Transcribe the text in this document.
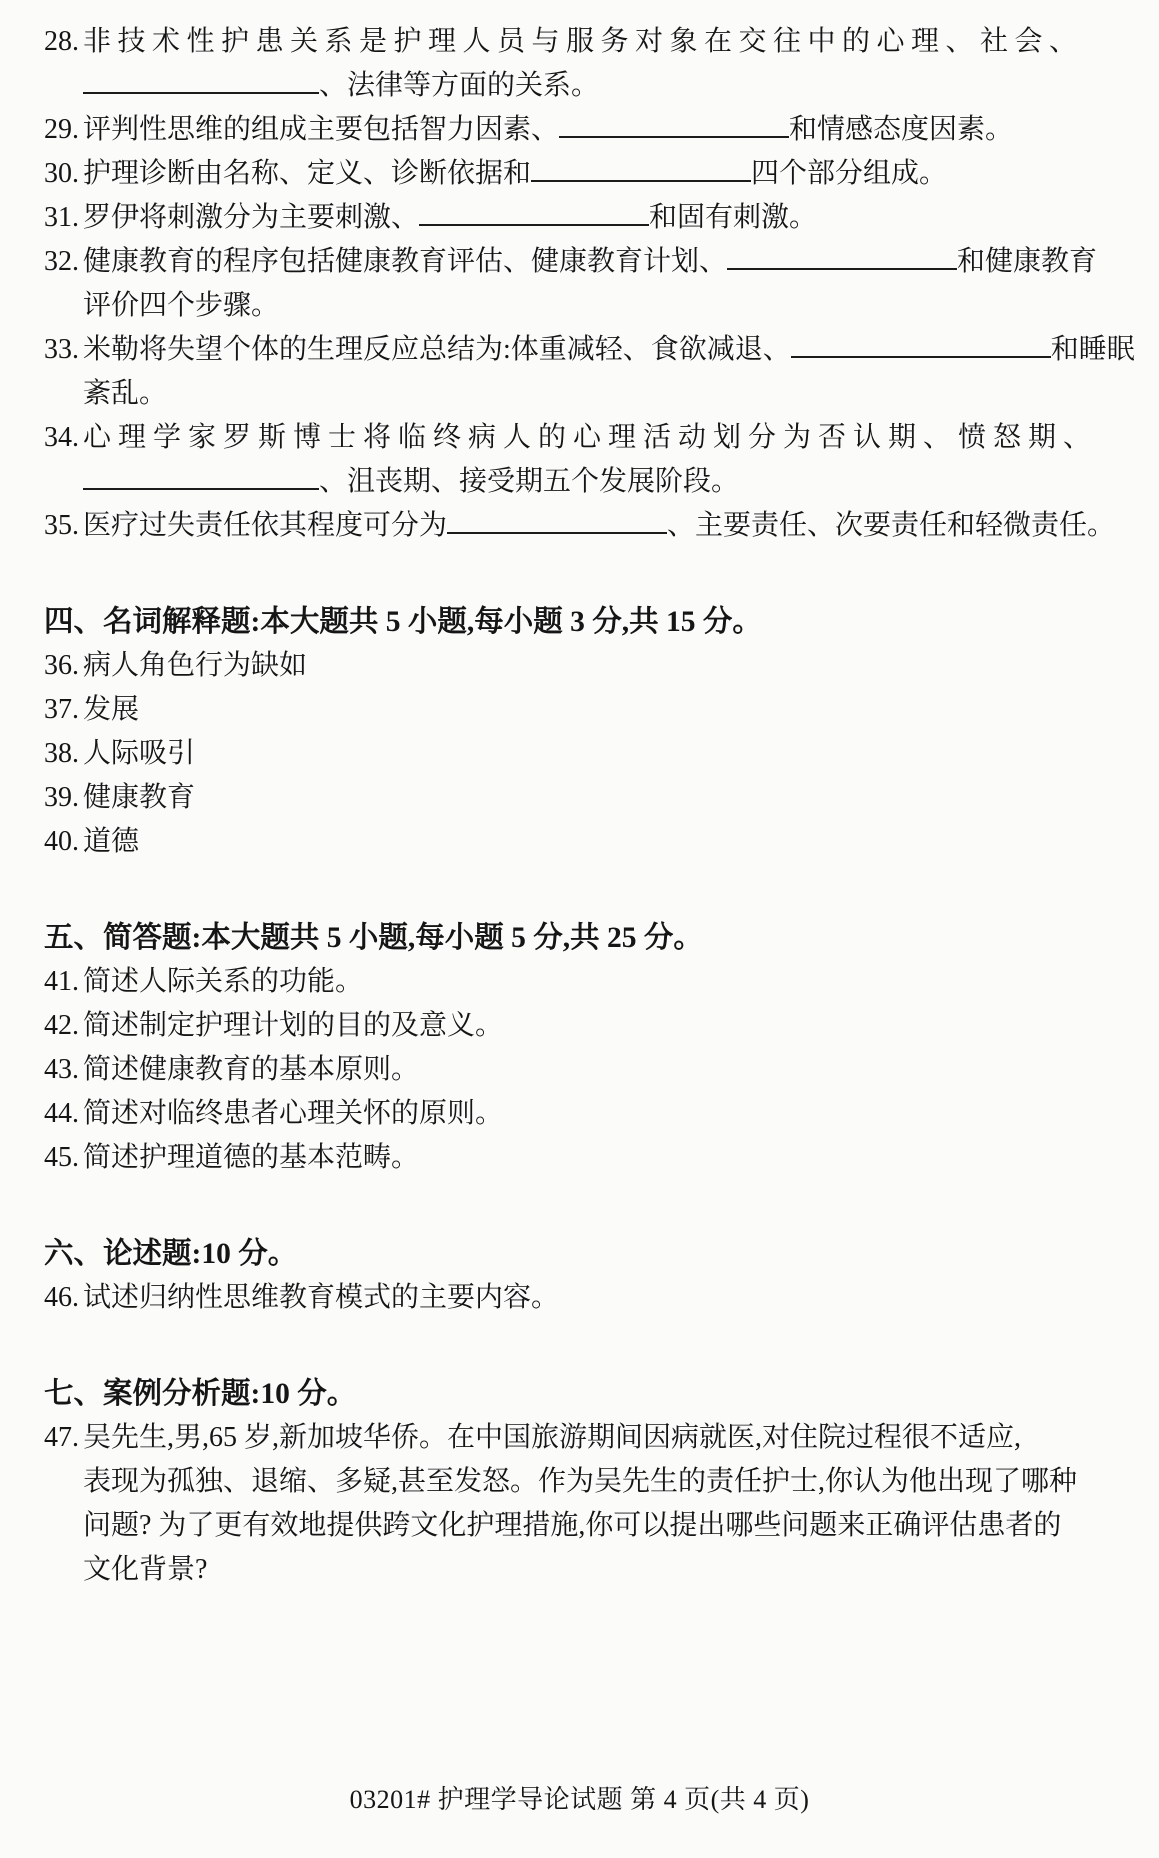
28. 非技术性护患关系是护理人员与服务对象在交往中的心理、社会、
、法律等方面的关系。
29. 评判性思维的组成主要包括智力因素、	和情感态度因素。
30. 护理诊断由名称、定义、诊断依据和	四个部分组成。
31. 罗伊将刺激分为主要刺激、	和固有刺激。
32. 健康教育的程序包括健康教育评估、健康教育计划、	和健康教育
评价四个步骤。
33. 米勒将失望个体的生理反应总结为:体重减轻、食欲减退、	和睡眠
紊乱。
34. 心理学家罗斯博士将临终病人的心理活动划分为否认期、愤怒期、
、沮丧期、接受期五个发展阶段。
35. 医疗过失责任依其程度可分为	、主要责任、次要责任和轻微责任。
四、名词解释题:本大题共 5 小题,每小题 3 分,共 15 分。
36. 病人角色行为缺如
37. 发展
38. 人际吸引
39. 健康教育
40. 道德
五、简答题:本大题共 5 小题,每小题 5 分,共 25 分。
41. 简述人际关系的功能。
42. 简述制定护理计划的目的及意义。
43. 简述健康教育的基本原则。
44. 简述对临终患者心理关怀的原则。
45. 简述护理道德的基本范畴。
六、论述题:10 分。
46. 试述归纳性思维教育模式的主要内容。
七、案例分析题:10 分。
47. 吴先生,男,65 岁,新加坡华侨。在中国旅游期间因病就医,对住院过程很不适应,
表现为孤独、退缩、多疑,甚至发怒。作为吴先生的责任护士,你认为他出现了哪种
问题? 为了更有效地提供跨文化护理措施,你可以提出哪些问题来正确评估患者的
文化背景?
03201# 护理学导论试题 第 4 页(共 4 页)
